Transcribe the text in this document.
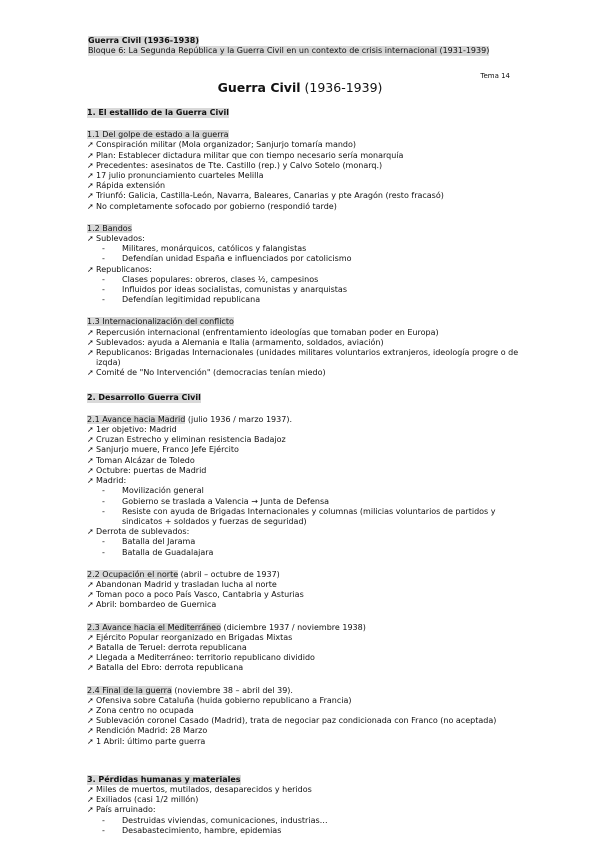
Guerra Civil (1936-1938)
Bloque 6: La Segunda República y la Guerra Civil en un contexto de crisis internacional (1931-1939)
Tema 14
Guerra Civil (1936-1939)
1. El estallido de la Guerra Civil
1.1 Del golpe de estado a la guerra
➚ Conspiración militar (Mola organizador; Sanjurjo tomaría mando)
➚ Plan: Establecer dictadura militar que con tiempo necesario sería monarquía
➚ Precedentes: asesinatos de Tte. Castillo (rep.) y Calvo Sotelo (monarq.)
➚ 17 julio pronunciamiento cuarteles Melilla
➚ Rápida extensión
➚ Triunfó: Galicia, Castilla-León, Navarra, Baleares, Canarias y pte Aragón (resto fracasó)
➚ No completamente sofocado por gobierno (respondió tarde)
1.2 Bandos
➚ Sublevados:
-	Militares, monárquicos, católicos y falangistas
-	Defendían unidad España e influenciados por catolicismo
➚ Republicanos:
-	Clases populares: obreros, clases ½, campesinos
-	Influidos por ideas socialistas, comunistas y anarquistas
-	Defendían legitimidad republicana
1.3 Internacionalización del conflicto
➚ Repercusión internacional (enfrentamiento ideologías que tomaban poder en Europa)
➚ Sublevados: ayuda a Alemania e Italia (armamento, soldados, aviación)
➚ Republicanos: Brigadas Internacionales (unidades militares voluntarios extranjeros, ideología progre o de izqda)
➚ Comité de "No Intervención" (democracias tenían miedo)
2. Desarrollo Guerra Civil
2.1 Avance hacia Madrid (julio 1936 / marzo 1937).
➚ 1er objetivo: Madrid
➚ Cruzan Estrecho y eliminan resistencia Badajoz
➚ Sanjurjo muere, Franco Jefe Ejército
➚ Toman Alcázar de Toledo
➚ Octubre: puertas de Madrid
➚ Madrid:
-	Movilización general
-	Gobierno se traslada a Valencia → Junta de Defensa
-	Resiste con ayuda de Brigadas Internacionales y columnas (milicias voluntarios de partidos y sindicatos + soldados y fuerzas de seguridad)
➚ Derrota de sublevados:
-	Batalla del Jarama
-	Batalla de Guadalajara
2.2 Ocupación el norte (abril – octubre de 1937)
➚ Abandonan Madrid y trasladan lucha al norte
➚ Toman poco a poco País Vasco, Cantabria y Asturias
➚ Abril: bombardeo de Guernica
2.3 Avance hacia el Mediterráneo (diciembre 1937 / noviembre 1938)
➚ Ejército Popular reorganizado en Brigadas Mixtas
➚ Batalla de Teruel: derrota republicana
➚ Llegada a Mediterráneo: territorio republicano dividido
➚ Batalla del Ebro: derrota republicana
2.4 Final de la guerra (noviembre 38 – abril del 39).
➚ Ofensiva sobre Cataluña (huida gobierno republicano a Francia)
➚ Zona centro no ocupada
➚ Sublevación coronel Casado (Madrid), trata de negociar paz condicionada con Franco (no aceptada)
➚ Rendición Madrid: 28 Marzo
➚ 1 Abril: último parte guerra
3. Pérdidas humanas y materiales
➚ Miles de muertos, mutilados, desaparecidos y heridos
➚ Exiliados (casi 1/2 millón)
➚ País arruinado:
-	Destruidas viviendas, comunicaciones, industrias…
-	Desabastecimiento, hambre, epidemias
